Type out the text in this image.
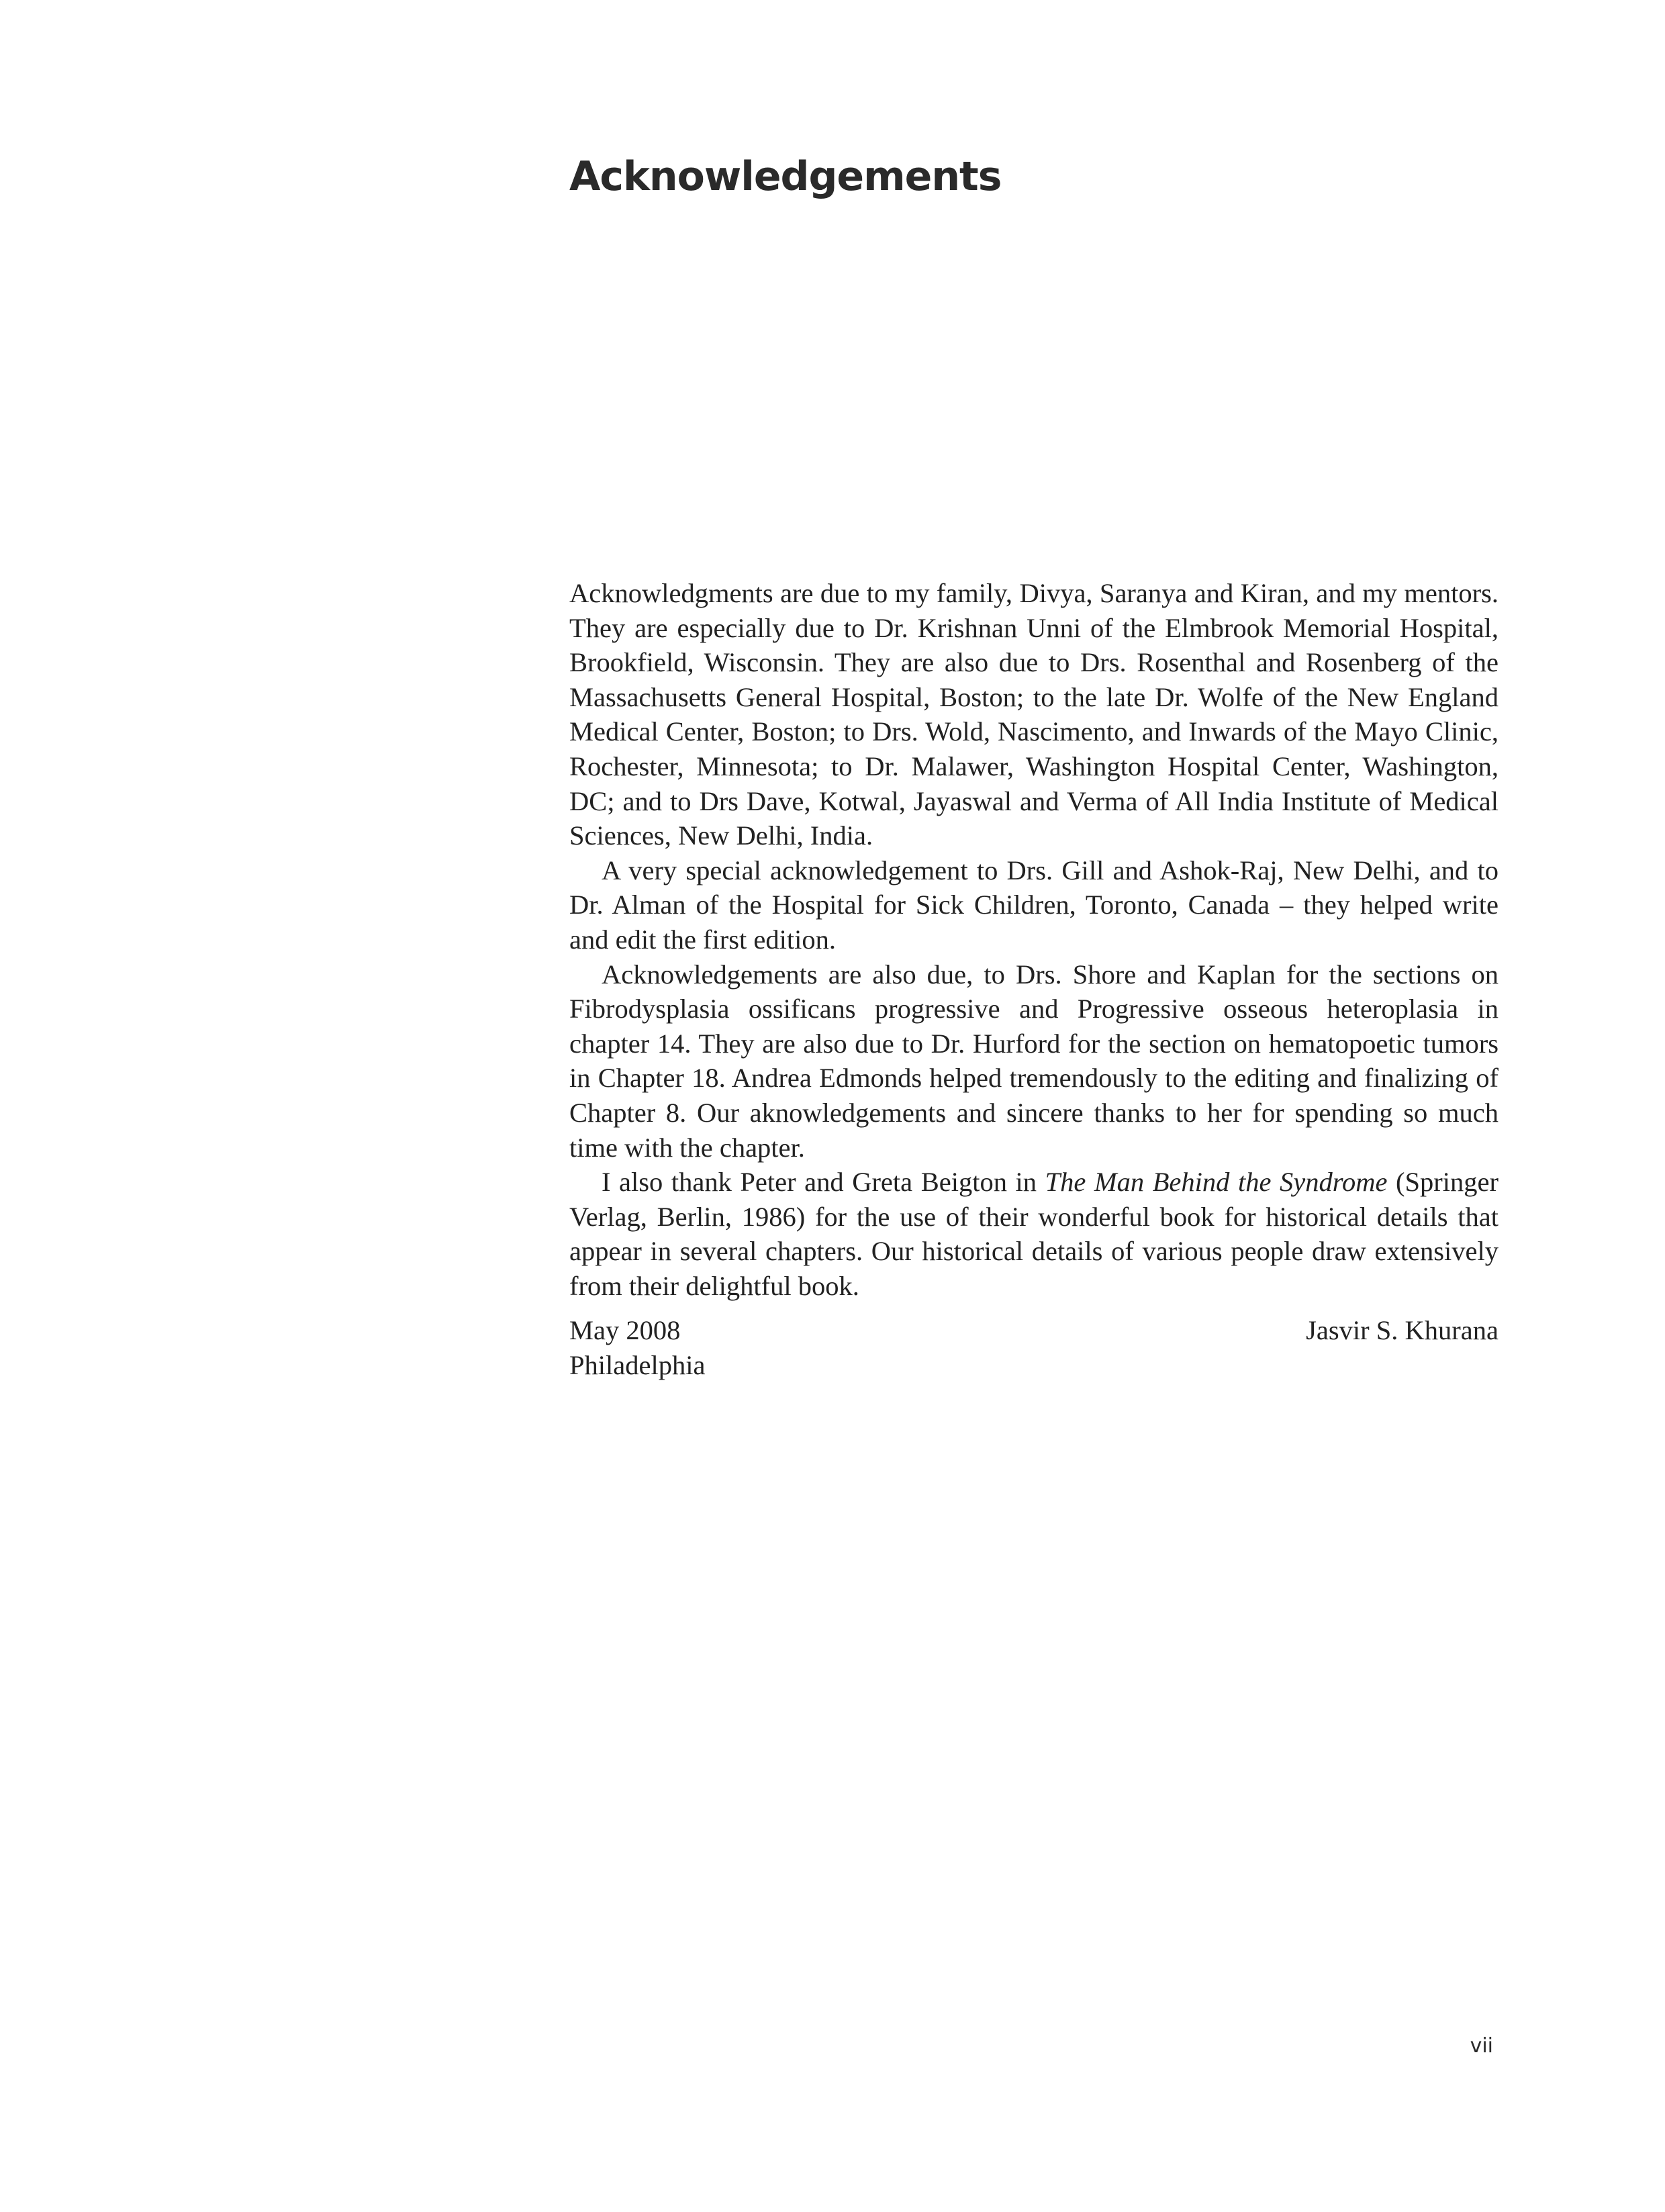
Acknowledgements

Acknowledgments are due to my family, Divya, Saranya and Kiran, and my mentors. They are especially due to Dr. Krishnan Unni of the Elmbrook Memorial Hospital, Brookfield, Wisconsin. They are also due to Drs. Rosenthal and Rosenberg of the Massachusetts General Hospital, Boston; to the late Dr. Wolfe of the New England Medical Center, Boston; to Drs. Wold, Nascimento, and Inwards of the Mayo Clinic, Rochester, Minnesota; to Dr. Malawer, Washington Hospital Center, Washington, DC; and to Drs Dave, Kotwal, Jayaswal and Verma of All India Institute of Medical Sciences, New Delhi, India.

A very special acknowledgement to Drs. Gill and Ashok-Raj, New Delhi, and to Dr. Alman of the Hospital for Sick Children, Toronto, Canada – they helped write and edit the first edition.

Acknowledgements are also due, to Drs. Shore and Kaplan for the sections on Fibrodysplasia ossificans progressive and Progressive osseous heteroplasia in chapter 14. They are also due to Dr. Hurford for the section on hematopoetic tumors in Chapter 18. Andrea Edmonds helped tremendously to the editing and finalizing of Chapter 8. Our aknowledgements and sincere thanks to her for spending so much time with the chapter.

I also thank Peter and Greta Beigton in The Man Behind the Syndrome (Springer Verlag, Berlin, 1986) for the use of their wonderful book for historical details that appear in several chapters. Our historical details of various people draw extensively from their delightful book.

May 2008	Jasvir S. Khurana
Philadelphia
vii
